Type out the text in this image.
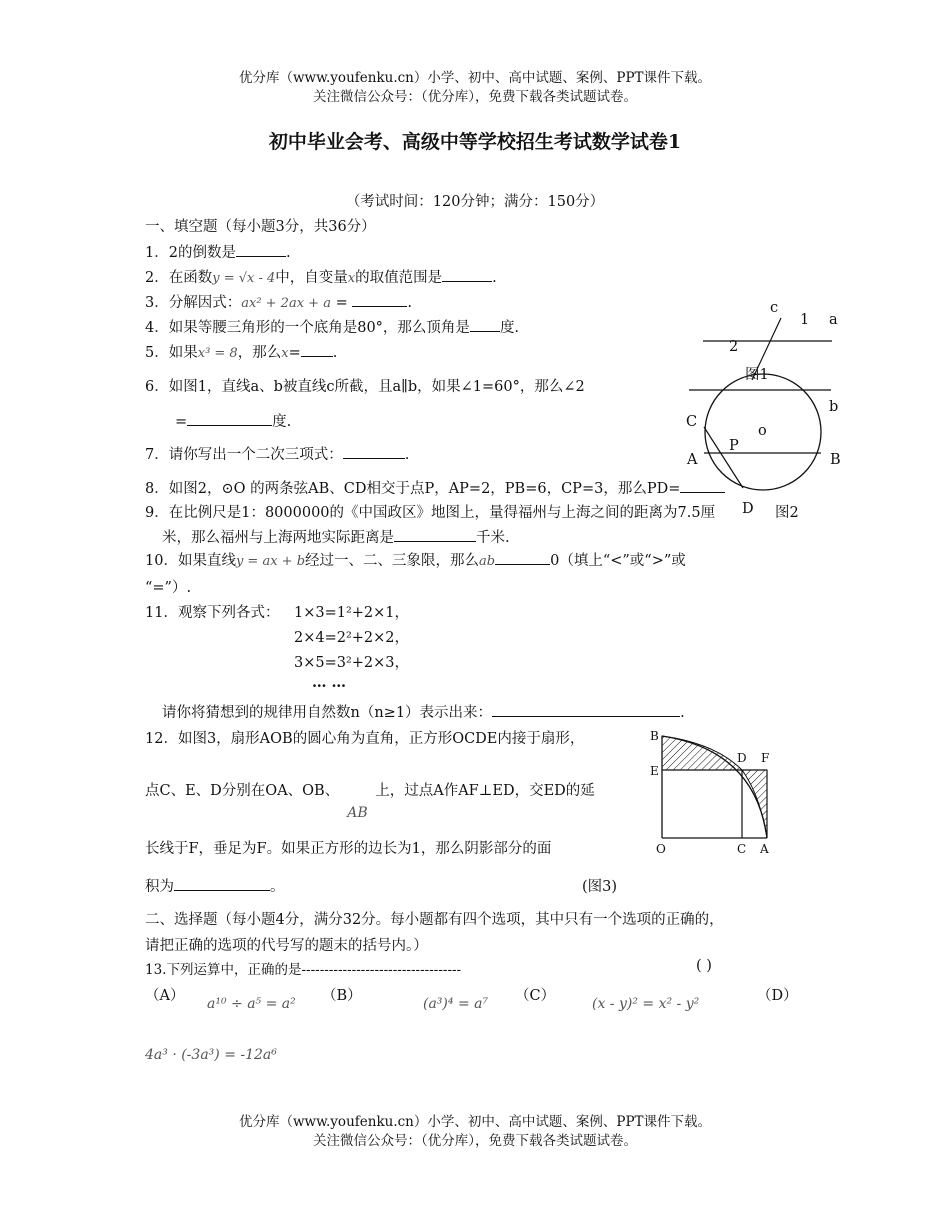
优分库（www.youfenku.cn）小学、初中、高中试题、案例、PPT课件下载。
关注微信公众号：（优分库），免费下载各类试题试卷。
初中毕业会考、高级中等学校招生考试数学试卷1
（考试时间：120分钟；满分：150分）
一、填空题（每小题3分，共36分）
1．2的倒数是	.
2．在函数y = √x - 4中，自变量x的取值范围是	.
3．分解因式：ax² + 2ax + a =	.
4．如果等腰三角形的一个底角是80°，那么顶角是 度.
5．如果x³ = 8，那么x= .
6．如图1，直线a、b被直线c所截，且a∥b，如果∠1=60°，那么∠2
=	度.
7．请你写出一个二次三项式：	.
8．如图2，⊙O 的两条弦AB、CD相交于点P，AP=2，PB=6，CP=3，那么PD=
9．在比例尺是1：8000000的《中国政区》地图上，量得福州与上海之间的距离为7.5厘
米，那么福州与上海两地实际距离是	千米.
10．如果直线y = ax + b经过一、二、三象限，那么ab	0（填上“<”或“>”或
“=”）.
11．观察下列各式： 1×3=1²+2×1，
2×4=2²+2×2，
3×5=3²+2×3，
… …
请你将猜想到的规律用自然数n（n≥1）表示出来：	.
12．如图3，扇形AOB的圆心角为直角，正方形OCDE内接于扇形，
点C、E、D分别在OA、OB、
AB
上，过点A作AF⊥ED，交ED的延
长线于F，垂足为F。如果正方形的边长为1，那么阴影部分的面
积为	。
c
1 a
2
图1
b
C
o
P
A	B
D 图2
B
D F
E
O	C A
(图3)
二、选择题（每小题4分，满分32分。每小题都有四个选项，其中只有一个选项的正确的，
请把正确的选项的代号写的题末的括号内。）
13.下列运算中，正确的是-----------------------------------	( )
（A） a¹⁰ ÷ a⁵ = a² （B）	(a³)⁴ = a⁷ （C）	(x - y)² = x² - y²	（D）
4a³ · (-3a³) = -12a⁶
优分库（www.youfenku.cn）小学、初中、高中试题、案例、PPT课件下载。
关注微信公众号：（优分库），免费下载各类试题试卷。
